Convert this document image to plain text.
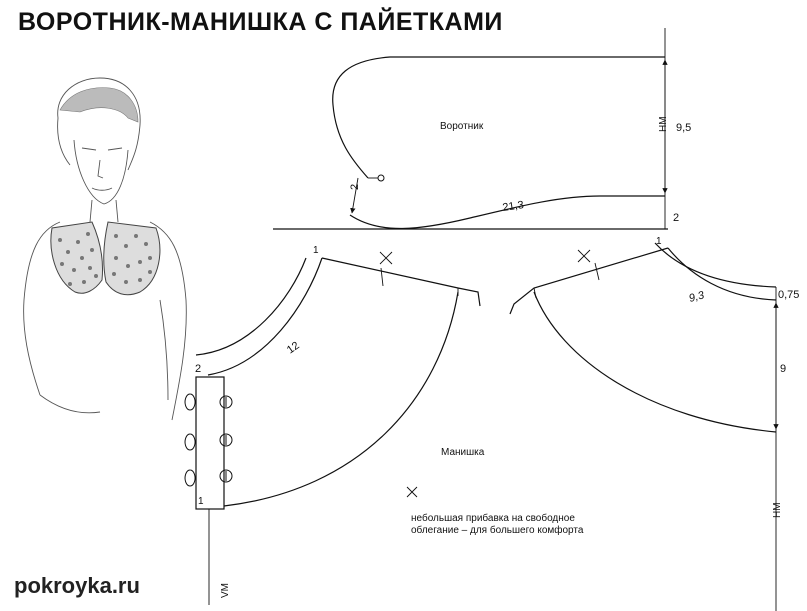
ВОРОТНИК-МАНИШКА С ПАЙЕТКАМИ
Воротник	9,5
НМ
21,3
2
2
1
2
1
12
Манишка
VМ
небольшая прибавка на свободное
облегание – для большего комфорта
1
9,3	0,75
9
НМ
pokroyka.ru
